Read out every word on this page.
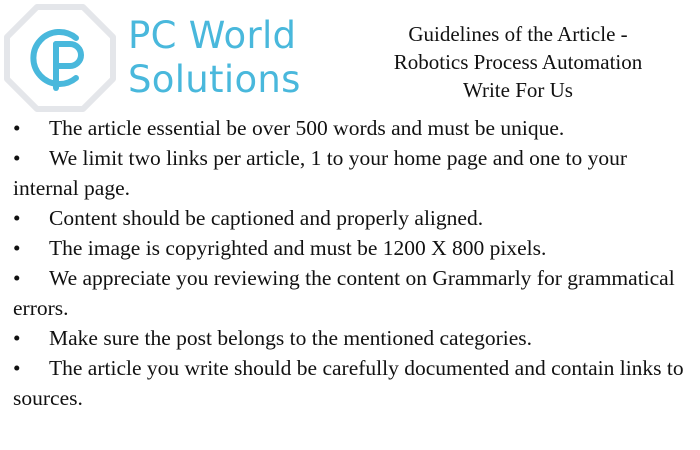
PC World
Solutions
Guidelines of the Article -
Robotics Process Automation
Write For Us
• The article essential be over 500 words and must be unique.
• We limit two links per article, 1 to your home page and one to your internal page.
• Content should be captioned and properly aligned.
• The image is copyrighted and must be 1200 X 800 pixels.
• We appreciate you reviewing the content on Grammarly for grammatical errors.
• Make sure the post belongs to the mentioned categories.
• The article you write should be carefully documented and contain links to sources.
